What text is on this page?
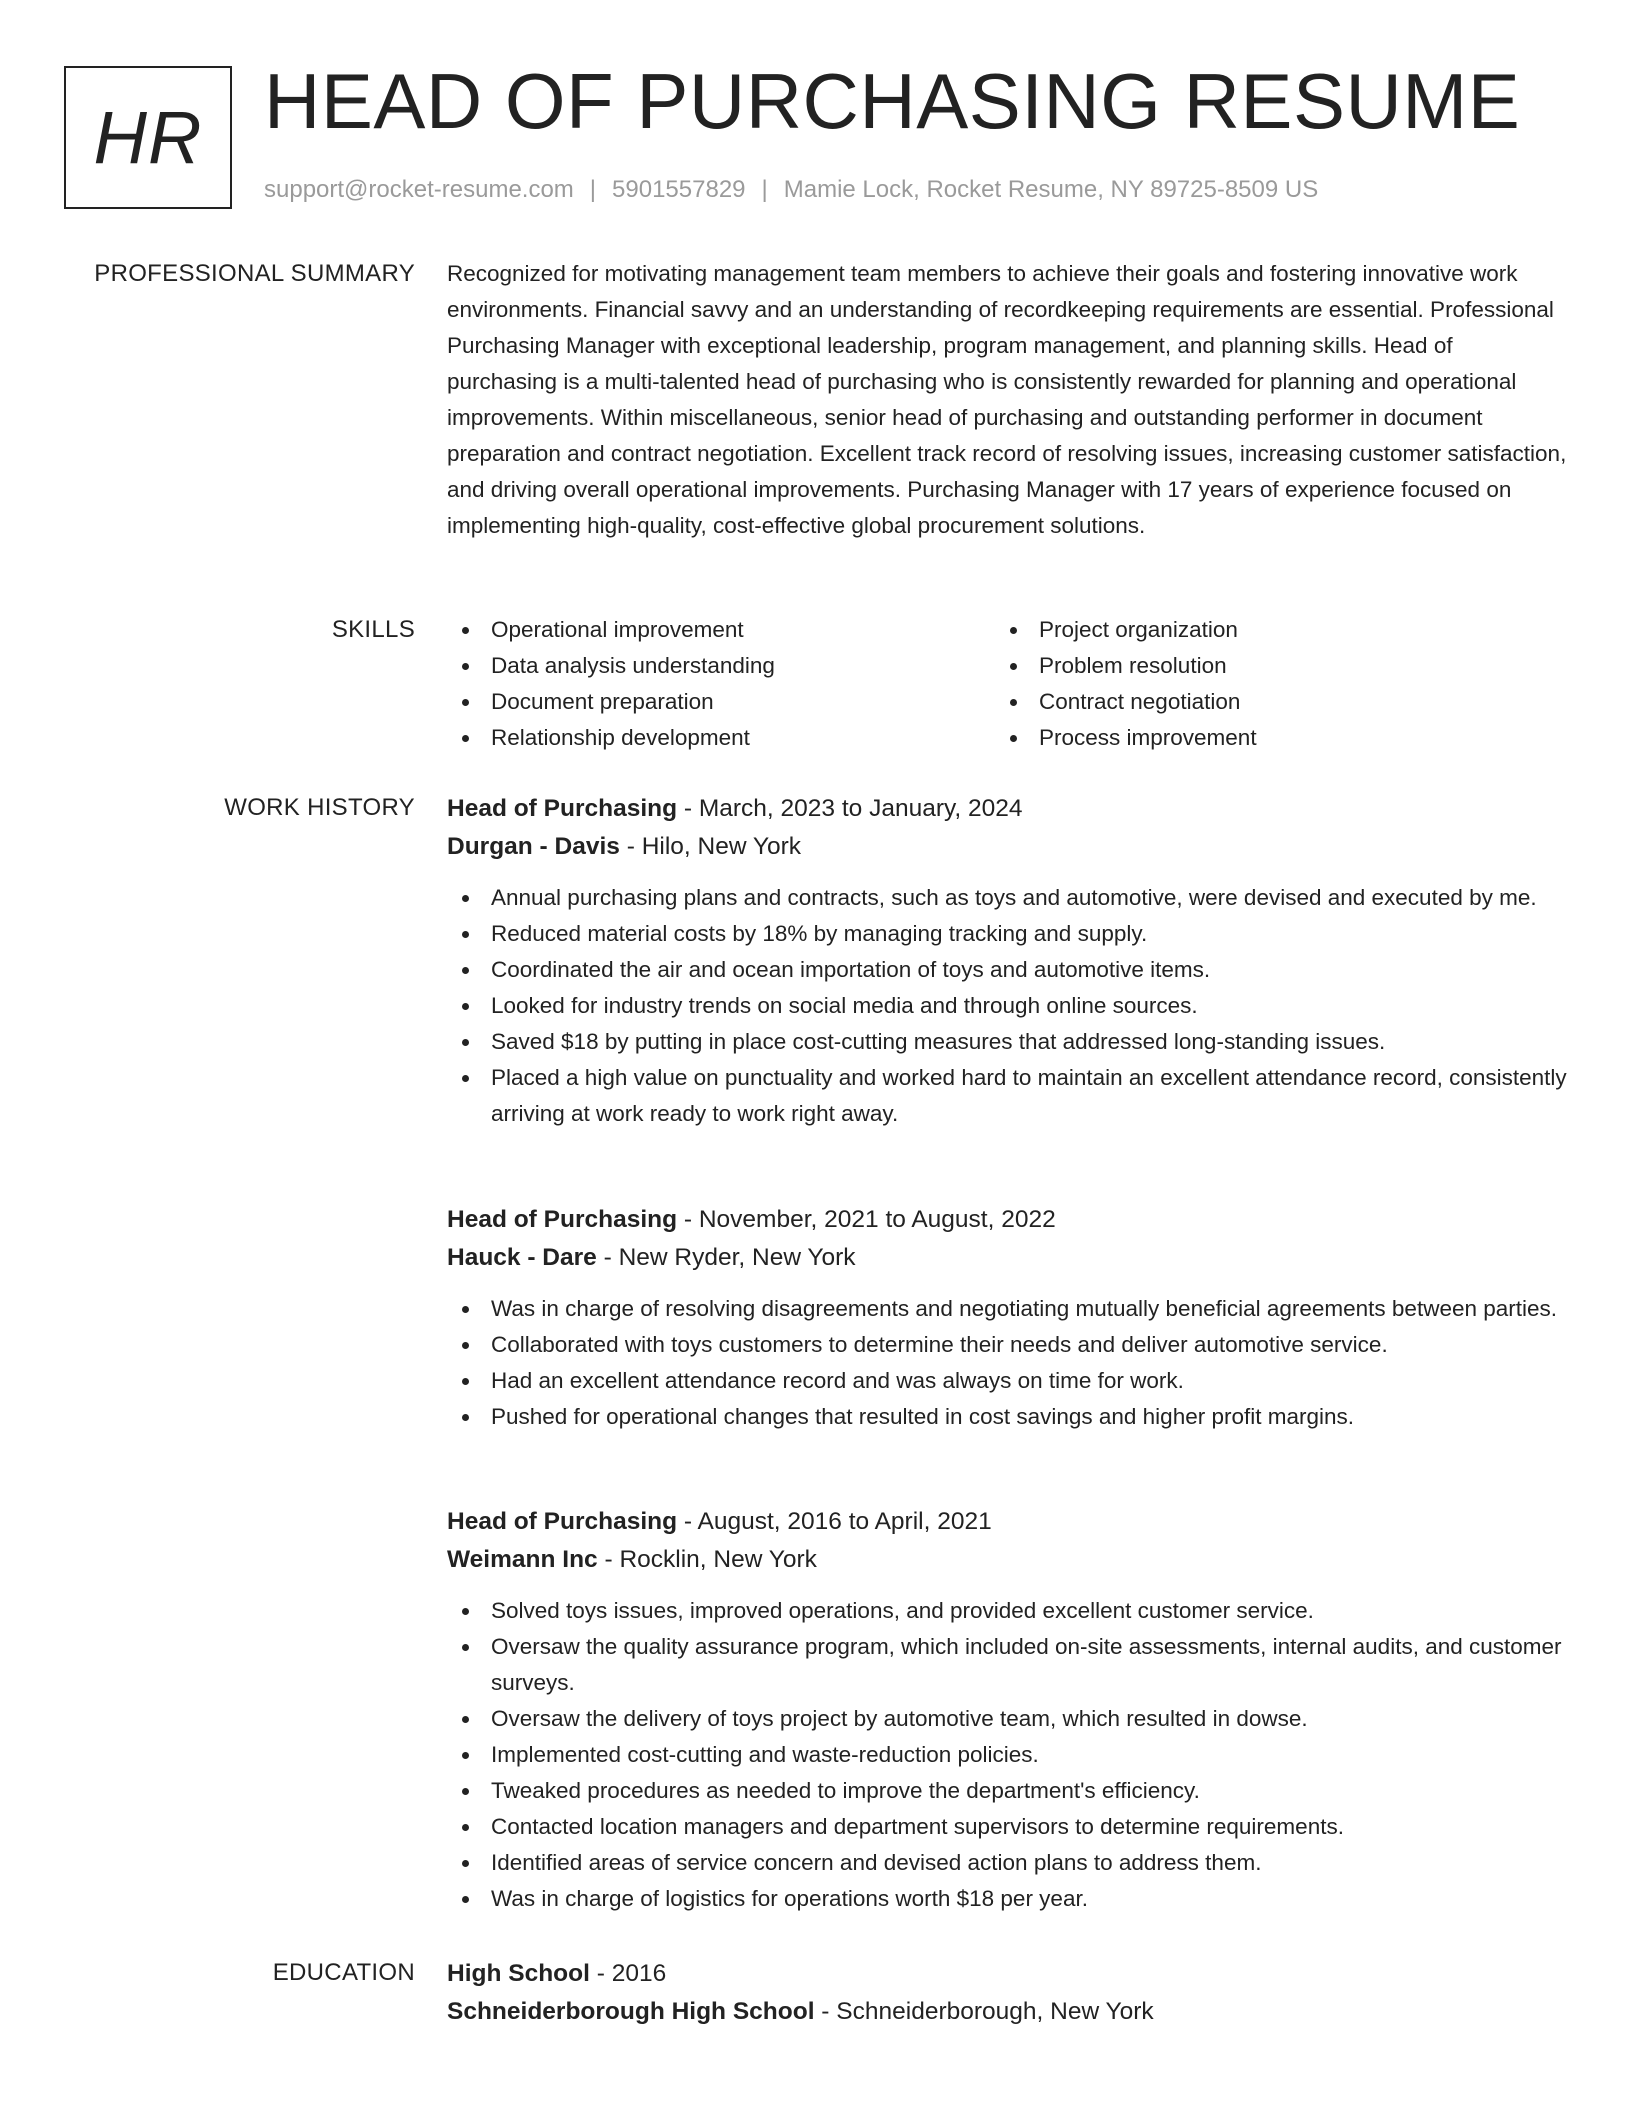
HR HEAD OF PURCHASING RESUME
support@rocket-resume.com | 5901557829 | Mamie Lock, Rocket Resume, NY 89725-8509 US
PROFESSIONAL SUMMARY Recognized for motivating management team members to achieve their goals and fostering innovative work environments. Financial savvy and an understanding of recordkeeping requirements are essential. Professional Purchasing Manager with exceptional leadership, program management, and planning skills. Head of purchasing is a multi-talented head of purchasing who is consistently rewarded for planning and operational improvements. Within miscellaneous, senior head of purchasing and outstanding performer in document preparation and contract negotiation. Excellent track record of resolving issues, increasing customer satisfaction, and driving overall operational improvements. Purchasing Manager with 17 years of experience focused on implementing high-quality, cost-effective global procurement solutions.

SKILLS	Operational improvement
Data analysis understanding
Document preparation
Relationship development
Project organization
Problem resolution
Contract negotiation
Process improvement
WORK HISTORY Head of Purchasing - March, 2023 to January, 2024
Durgan - Davis - Hilo, New York
Annual purchasing plans and contracts, such as toys and automotive, were devised and executed by me.
Reduced material costs by 18% by managing tracking and supply.
Coordinated the air and ocean importation of toys and automotive items.
Looked for industry trends on social media and through online sources.
Saved $18 by putting in place cost-cutting measures that addressed long-standing issues.
Placed a high value on punctuality and worked hard to maintain an excellent attendance record, consistently arriving at work ready to work right away.
Head of Purchasing - November, 2021 to August, 2022
Hauck - Dare - New Ryder, New York
Was in charge of resolving disagreements and negotiating mutually beneficial agreements between parties.
Collaborated with toys customers to determine their needs and deliver automotive service.
Had an excellent attendance record and was always on time for work.
Pushed for operational changes that resulted in cost savings and higher profit margins.
Head of Purchasing - August, 2016 to April, 2021
Weimann Inc - Rocklin, New York
Solved toys issues, improved operations, and provided excellent customer service.
Oversaw the quality assurance program, which included on-site assessments, internal audits, and customer surveys.
Oversaw the delivery of toys project by automotive team, which resulted in dowse.
Implemented cost-cutting and waste-reduction policies.
Tweaked procedures as needed to improve the department's efficiency.
Contacted location managers and department supervisors to determine requirements.
Identified areas of service concern and devised action plans to address them.
Was in charge of logistics for operations worth $18 per year.
EDUCATION High School - 2016
Schneiderborough High School - Schneiderborough, New York
